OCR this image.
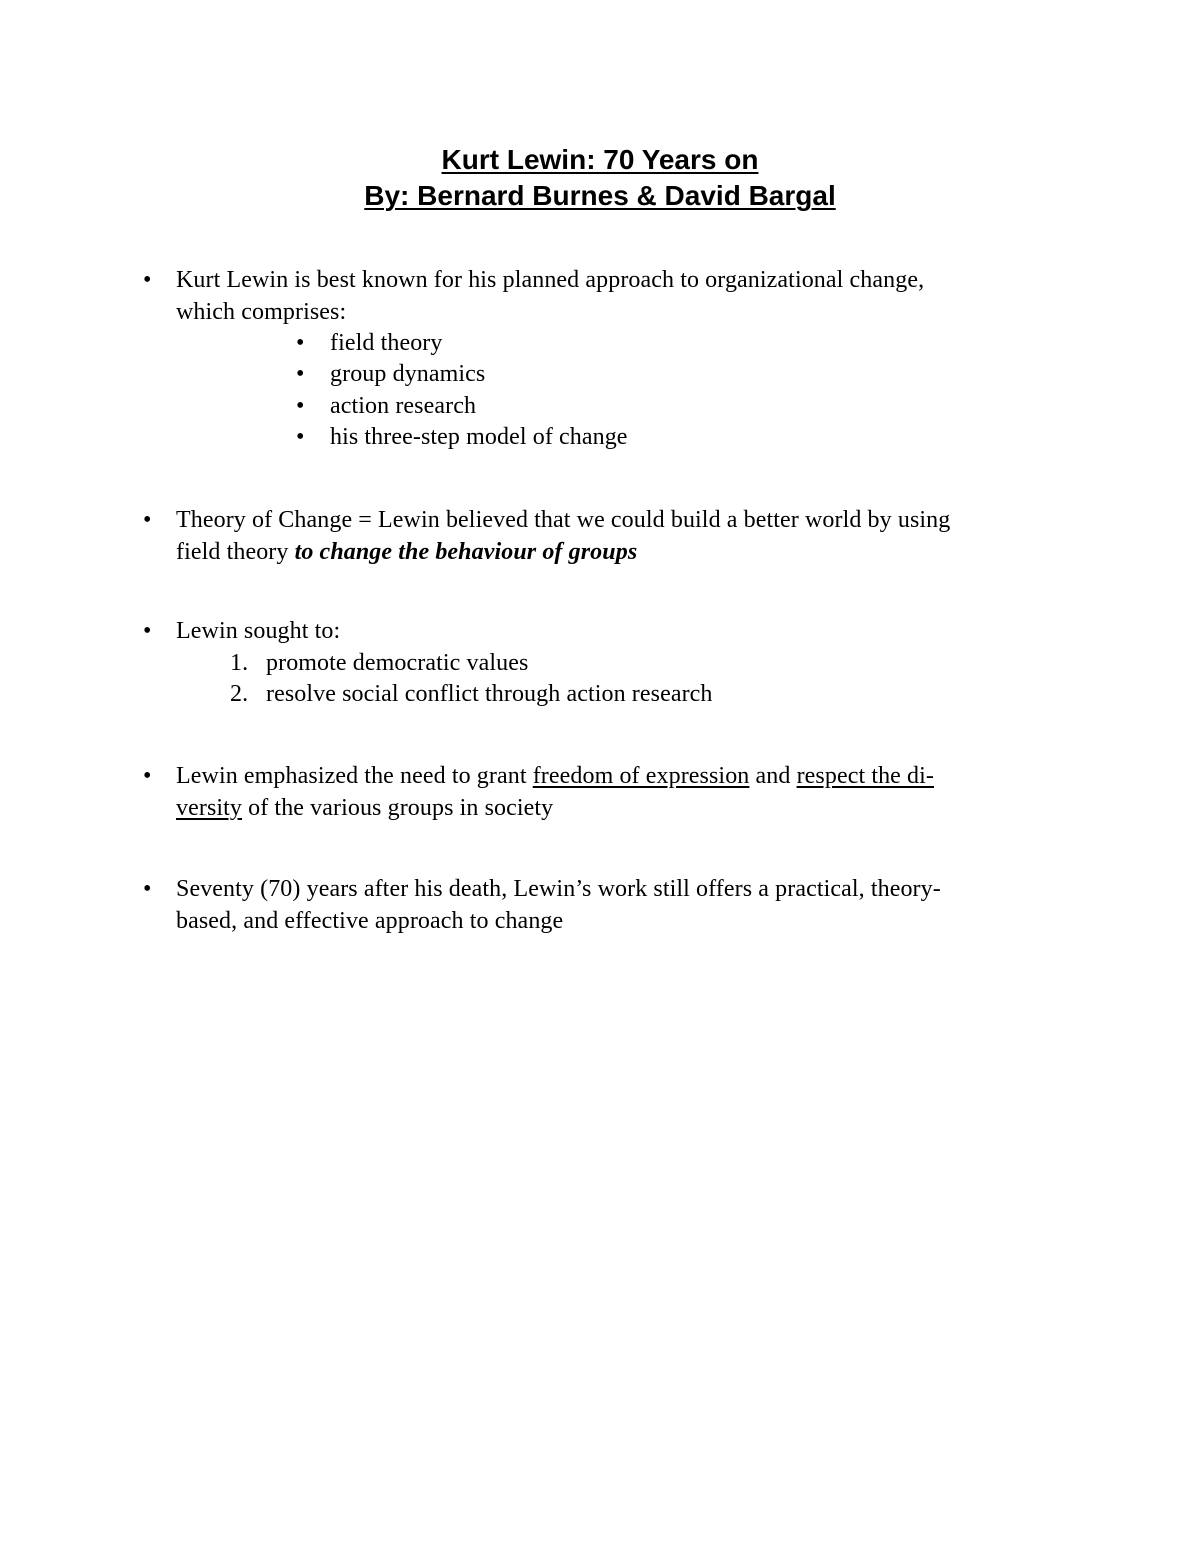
Kurt Lewin: 70 Years on
By: Bernard Burnes & David Bargal
•	Kurt Lewin is best known for his planned approach to organizational change,
which comprises:
• field theory
• group dynamics
• action research
• his three-step model of change
•	Theory of Change = Lewin believed that we could build a better world by using
field theory to change the behaviour of groups
•	Lewin sought to:
1. promote democratic values
2. resolve social conflict through action research
•	Lewin emphasized the need to grant freedom of expression and respect the di-
versity of the various groups in society
•	Seventy (70) years after his death, Lewin’s work still offers a practical, theory-
based, and effective approach to change
